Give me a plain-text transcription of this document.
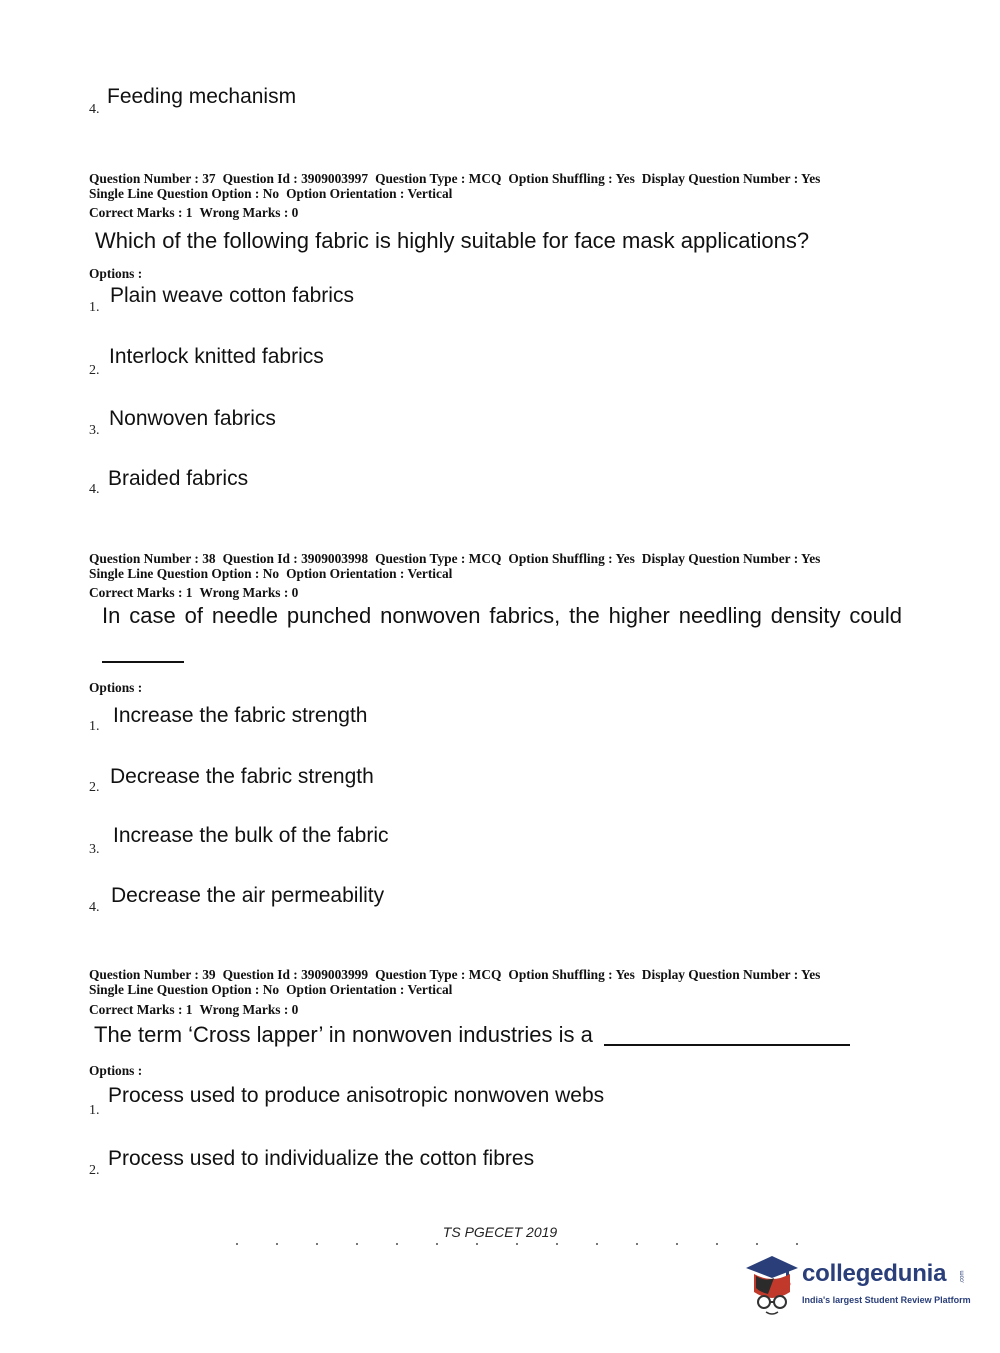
4.
Feeding mechanism
Question Number : 37 Question Id : 3909003997 Question Type : MCQ Option Shuffling : Yes Display Question Number : Yes
Single Line Question Option : No Option Orientation : Vertical
Correct Marks : 1 Wrong Marks : 0
Which of the following fabric is highly suitable for face mask applications?
Options :
1.
Plain weave cotton fabrics
2.
Interlock knitted fabrics
3.
Nonwoven fabrics
4. Braided fabrics
Question Number : 38 Question Id : 3909003998 Question Type : MCQ Option Shuffling : Yes Display Question Number : Yes
Single Line Question Option : No Option Orientation : Vertical
Correct Marks : 1 Wrong Marks : 0
In case of needle punched nonwoven fabrics, the higher needling density could
Options :
1. Increase the fabric strength
2. Decrease the fabric strength
3.
Increase the bulk of the fabric
4.
Decrease the air permeability
Question Number : 39 Question Id : 3909003999 Question Type : MCQ Option Shuffling : Yes Display Question Number : Yes
Single Line Question Option : No Option Orientation : Vertical
Correct Marks : 1 Wrong Marks : 0
The term ‘Cross lapper’ in nonwoven industries is a
Options :
1.
Process used to produce anisotropic nonwoven webs
2.
Process used to individualize the cotton fibres
TS PGECET 2019
collegedunia .com
India's largest Student Review Platform
